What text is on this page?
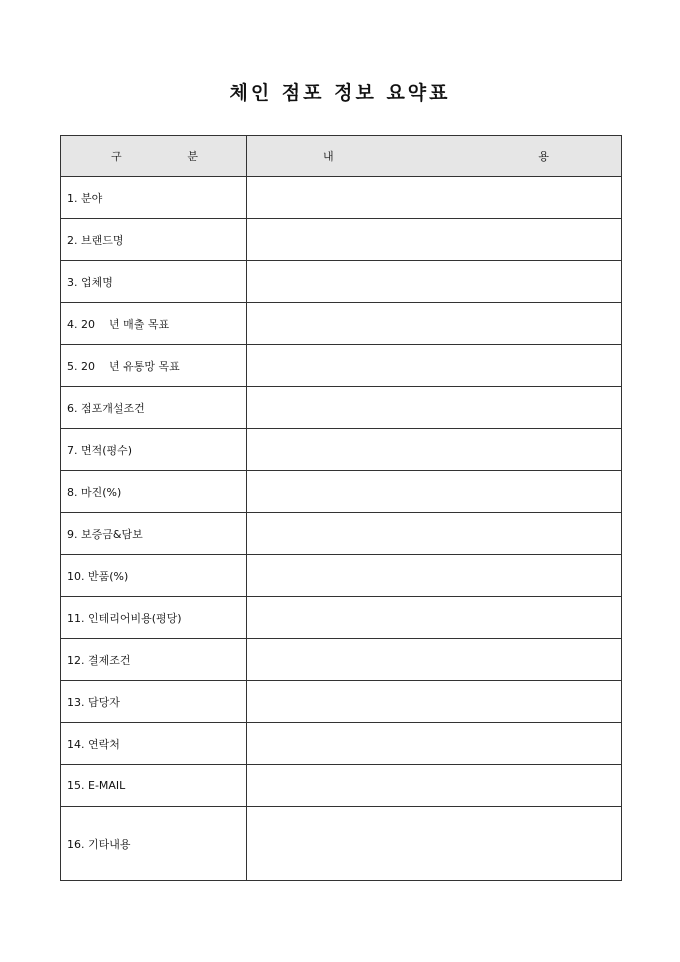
체인 점포 정보 요약표
구 분	내 용

1. 분야	
2. 브랜드명	
3. 업체명	
4. 20    년 매출 목표	
5. 20    년 유통망 목표	
6. 점포개설조건	
7. 면적(평수)	
8. 마진(%)	
9. 보증금&담보	
10. 반품(%)	
11. 인테리어비용(평당)	
12. 결제조건	
13. 담당자	
14. 연락처	
15. E-MAIL	
16. 기타내용	
